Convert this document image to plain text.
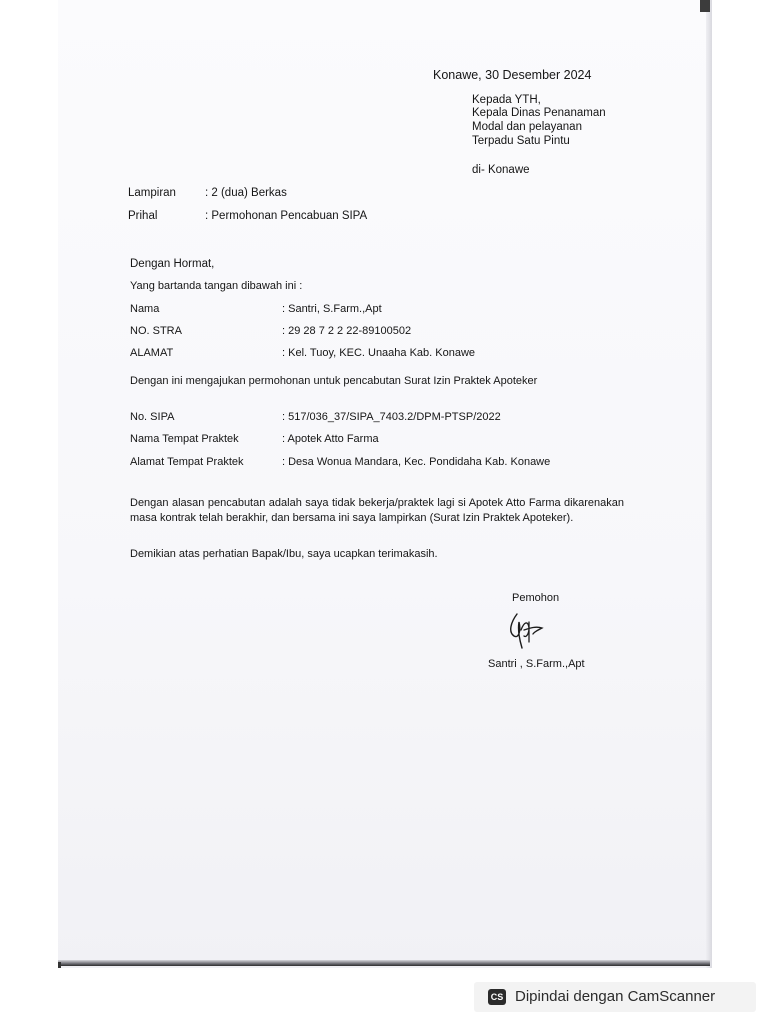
Konawe, 30 Desember 2024
Kepada YTH,
Kepala Dinas Penanaman
Modal dan pelayanan
Terpadu Satu Pintu
di- Konawe
Lampiran	: 2 (dua) Berkas
Prihal	: Permohonan Pencabuan SIPA
Dengan Hormat,
Yang bartanda tangan dibawah ini :
Nama	: Santri, S.Farm.,Apt
NO. STRA	: 29 28 7 2 2 22-89100502
ALAMAT	: Kel. Tuoy, KEC. Unaaha Kab. Konawe
Dengan ini mengajukan permohonan untuk pencabutan Surat Izin Praktek Apoteker
No. SIPA	: 517/036_37/SIPA_7403.2/DPM-PTSP/2022
Nama Tempat Praktek	: Apotek Atto Farma
Alamat Tempat Praktek	: Desa Wonua Mandara, Kec. Pondidaha Kab. Konawe
Dengan alasan pencabutan adalah saya tidak bekerja/praktek lagi si Apotek Atto Farma dikarenakan masa kontrak telah berakhir, dan bersama ini saya lampirkan (Surat Izin Praktek Apoteker).
Demikian atas perhatian Bapak/Ibu, saya ucapkan terimakasih.
Pemohon
Santri , S.Farm.,Apt
CS Dipindai dengan CamScanner
